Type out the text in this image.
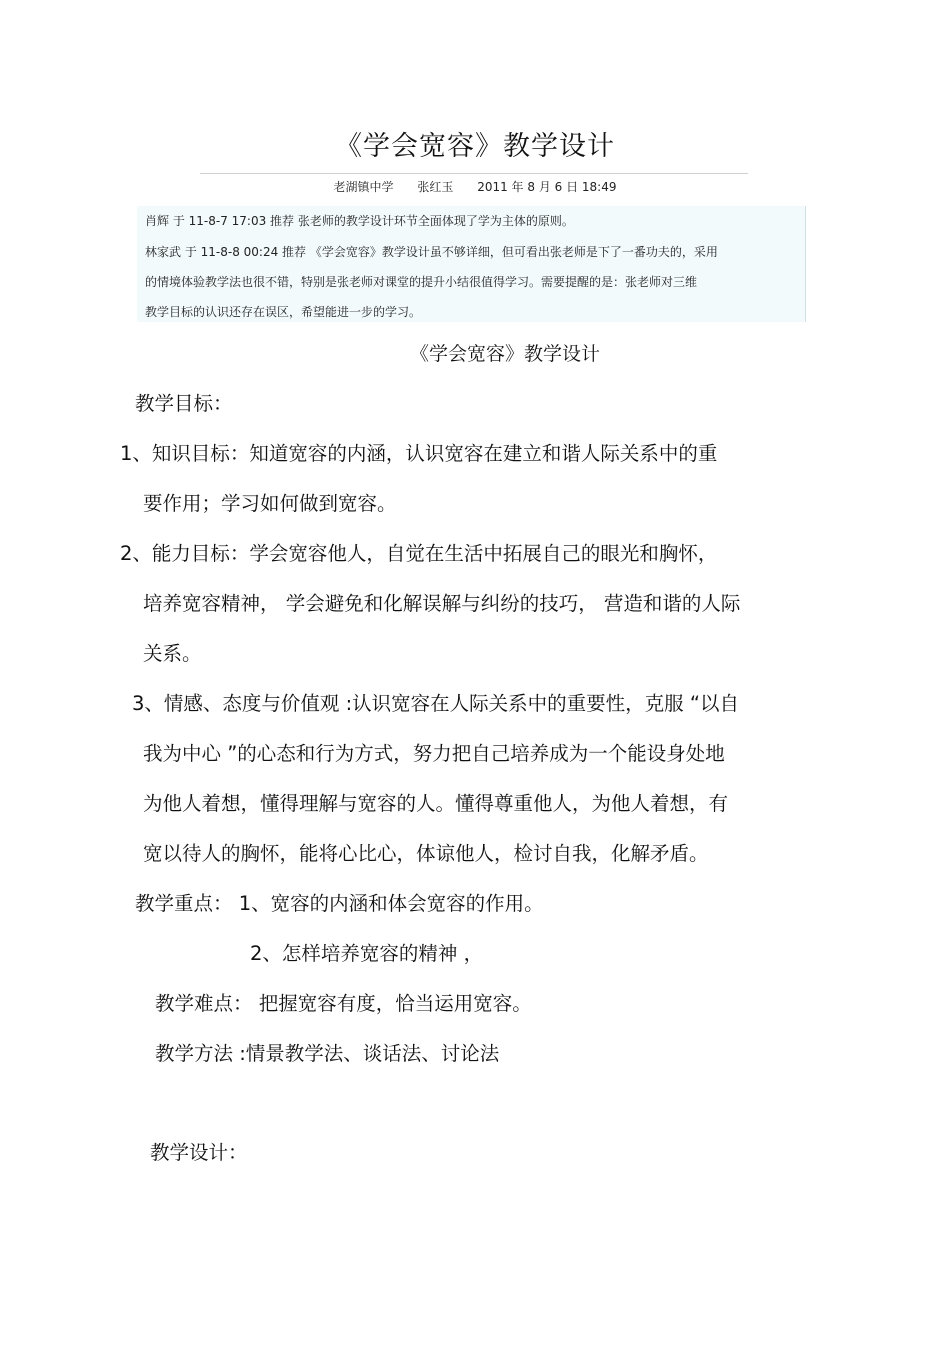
《学会宽容》教学设计
老湖镇中学 张红玉 2011 年 8 月 6 日 18:49
肖辉 于 11-8-7 17:03 推荐 张老师的教学设计环节全面体现了学为主体的原则。
林家武 于 11-8-8 00:24 推荐 《学会宽容》教学设计虽不够详细，但可看出张老师是下了一番功夫的，采用
的情境体验教学法也很不错，特别是张老师对课堂的提升小结很值得学习。需要提醒的是：张老师对三维
教学目标的认识还存在误区，希望能进一步的学习。
《学会宽容》教学设计
教学目标：
1、知识目标：知道宽容的内涵，认识宽容在建立和谐人际关系中的重
要作用；学习如何做到宽容。
2、能力目标：学会宽容他人，自觉在生活中拓展自己的眼光和胸怀，
培养宽容精神， 学会避免和化解误解与纠纷的技巧， 营造和谐的人际
关系。
3、情感、态度与价值观 :认识宽容在人际关系中的重要性，克服 “以自
我为中心 ”的心态和行为方式，努力把自己培养成为一个能设身处地
为他人着想，懂得理解与宽容的人。懂得尊重他人，为他人着想，有
宽以待人的胸怀，能将心比心，体谅他人，检讨自我，化解矛盾。
教学重点： 1、宽容的内涵和体会宽容的作用。
2、怎样培养宽容的精神 ，
教学难点： 把握宽容有度，恰当运用宽容。
教学方法 :情景教学法、谈话法、讨论法
教学设计：
